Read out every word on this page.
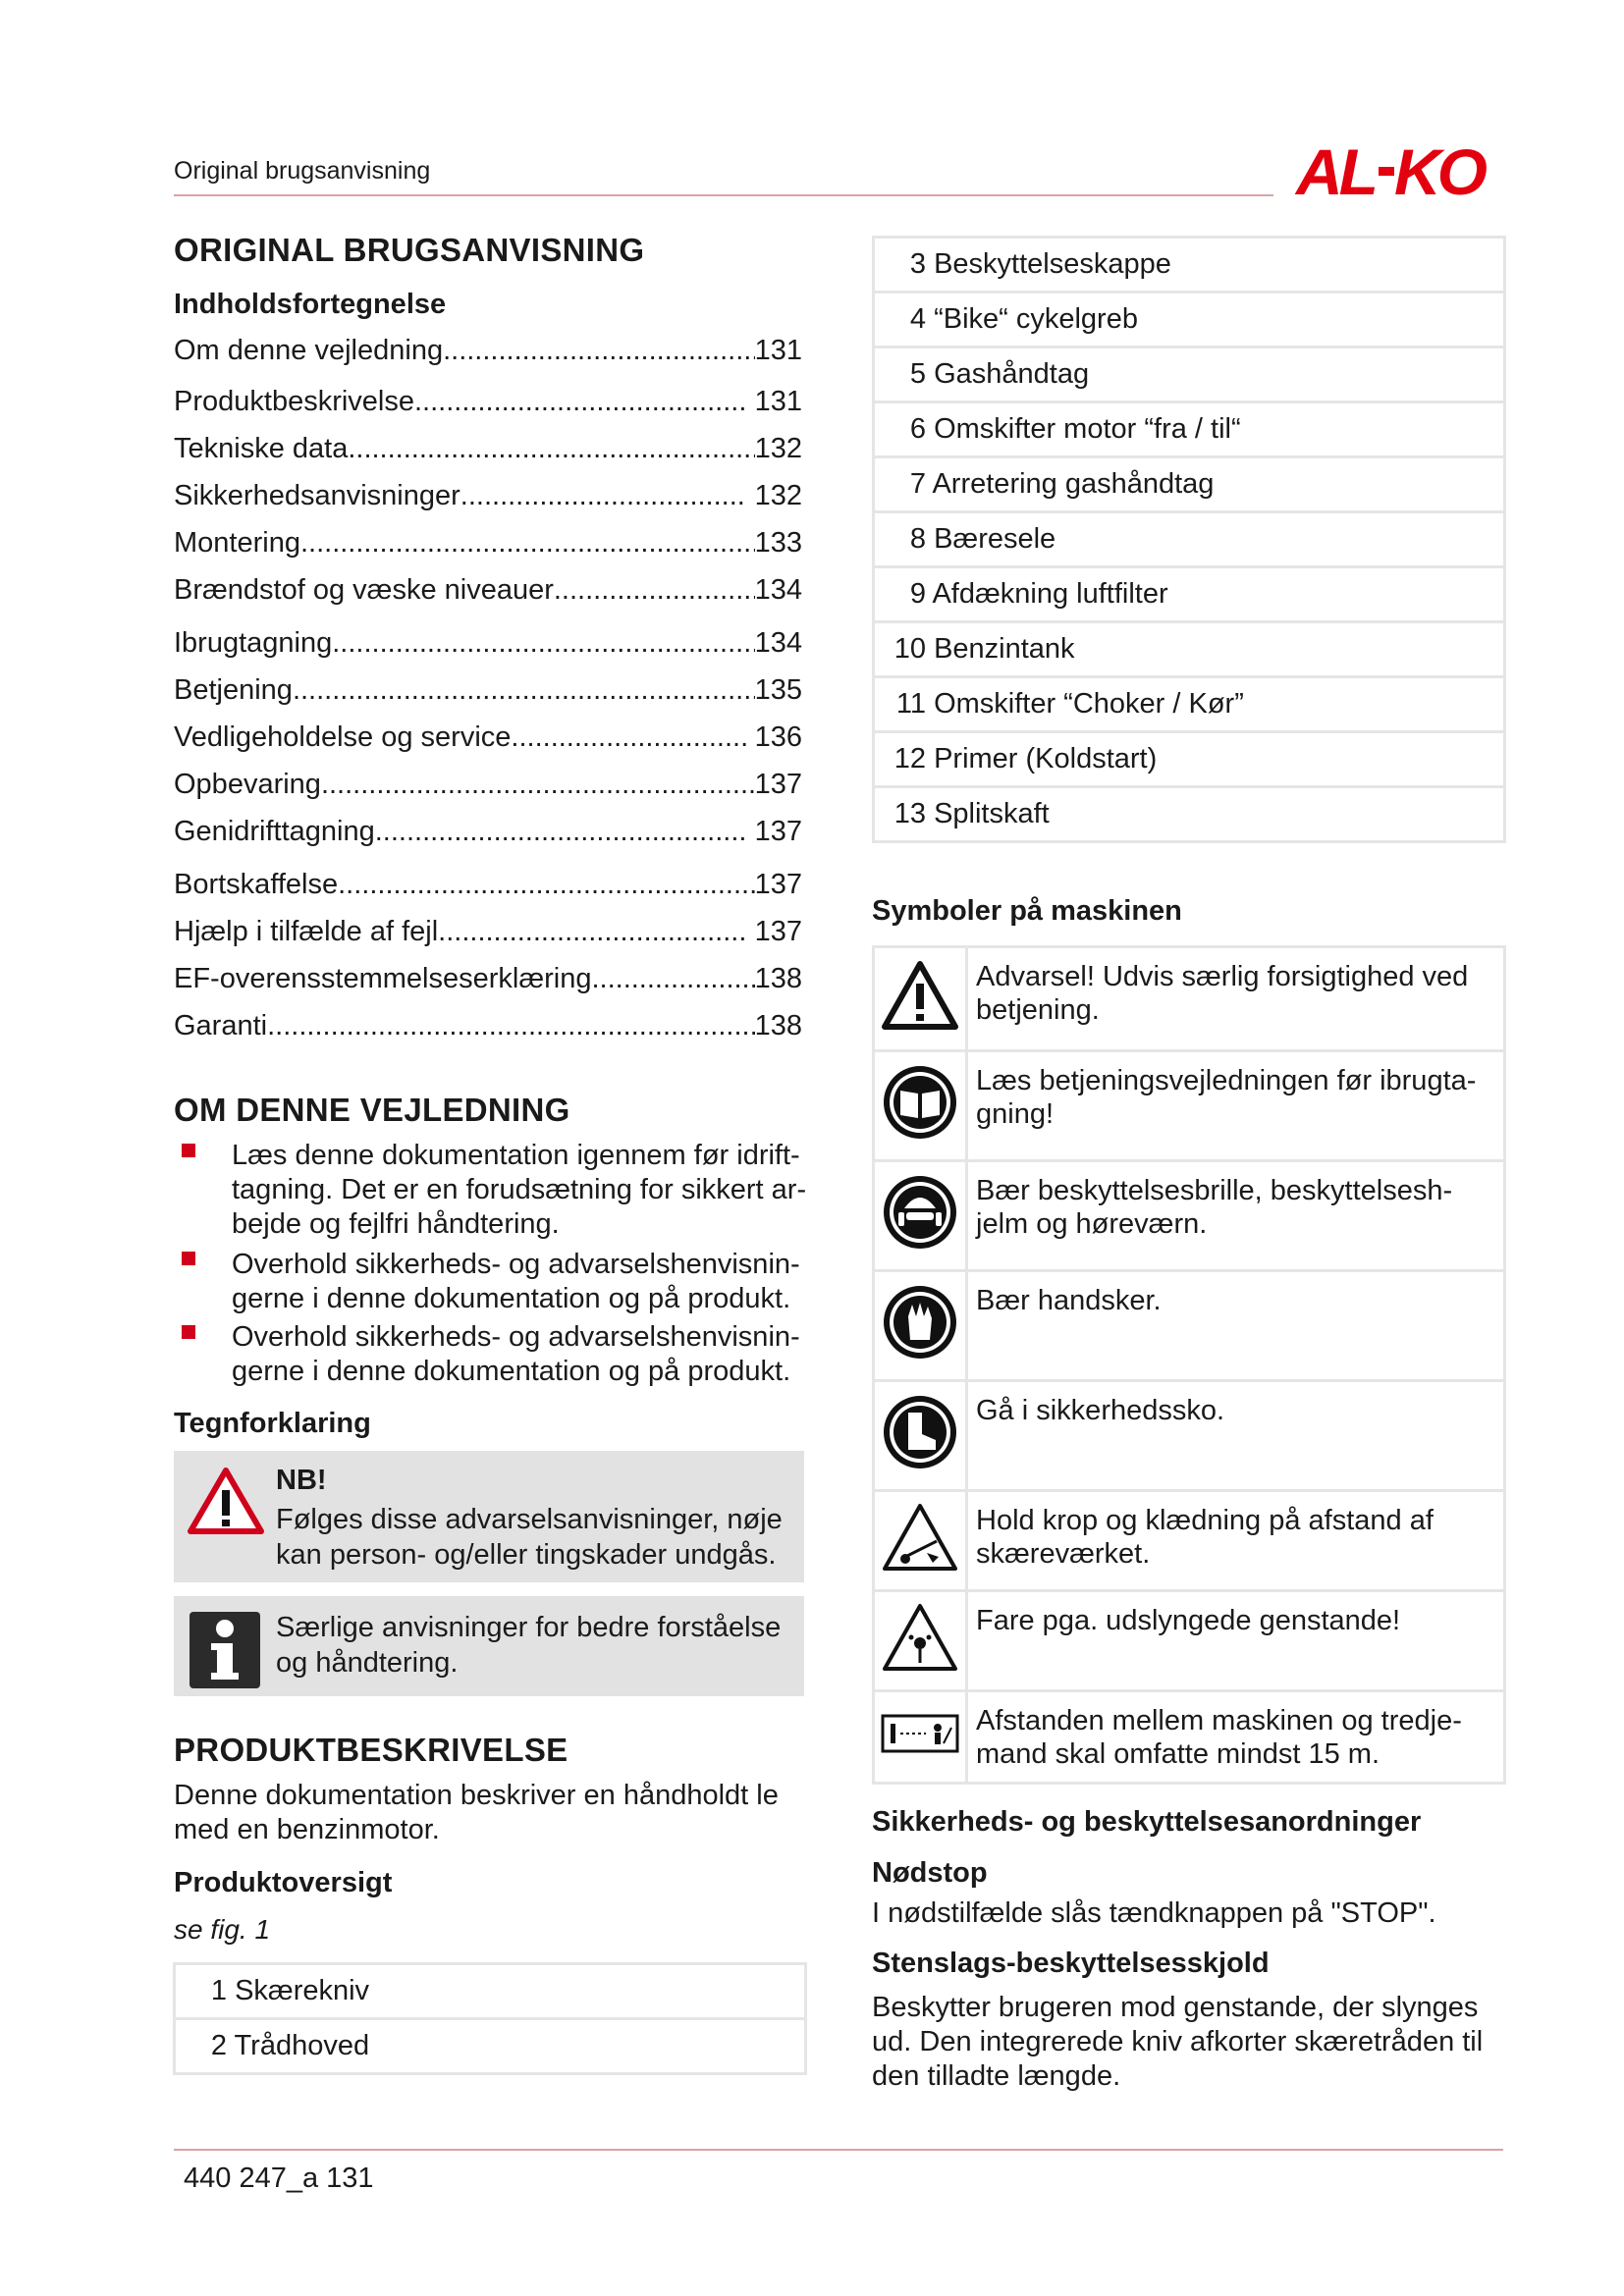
Original brugsanvisning	AL KO
ORIGINAL BRUGSANVISNING
Indholdsfortegnelse
Om denne vejledning .....	131
Produktbeskrivelse .....	131
Tekniske data .....	132
Sikkerhedsanvisninger .....	132
Montering .....	133
Brændstof og væske niveauer .....	134
Ibrugtagning .....	134
Betjening .....	135
Vedligeholdelse og service .....	136
Opbevaring .....	137
Genidrifttagning .....	137
Bortskaffelse .....	137
Hjælp i tilfælde af fejl .....	137
EF-overensstemmelseserklæring .....	138
Garanti .....	138
OM DENNE VEJLEDNING
Læs denne dokumentation igennem før idrift-
tagning. Det er en forudsætning for sikkert ar-
bejde og fejlfri håndtering.
Overhold sikkerheds- og advarselshenvisnin-
gerne i denne dokumentation og på produkt.
Overhold sikkerheds- og advarselshenvisnin-
gerne i denne dokumentation og på produkt.
Tegnforklaring
NB!
Følges disse advarselsanvisninger, nøje
kan person- og/eller tingskader undgås.
Særlige anvisninger for bedre forståelse
og håndtering.
PRODUKTBESKRIVELSE
Denne dokumentation beskriver en håndholdt le
med en benzinmotor.
Produktoversigt
se fig. 1
1 Skærekniv
2 Trådhoved
3 Beskyttelseskappe
4 “Bike“ cykelgreb
5 Gashåndtag
6 Omskifter motor “fra / til“
7 Arretering gashåndtag
8 Bæresele
9 Afdækning luftfilter
10 Benzintank
11 Omskifter “Choker / Kør”
12 Primer (Koldstart)
13 Splitskaft
Symboler på maskinen

Advarsel! Udvis særlig forsigtighed ved
betjening.

Læs betjeningsvejledningen før ibrugta-
gning!

Bær beskyttelsesbrille, beskyttelsesh-
jelm og høreværn.

Bær handsker.

Gå i sikkerhedssko.

Hold krop og klædning på afstand af
skæreværket.

Fare pga. udslyngede genstande!

Afstanden mellem maskinen og tredje-
mand skal omfatte mindst 15 m.
Sikkerheds- og beskyttelsesanordninger
Nødstop
I nødstilfælde slås tændknappen på "STOP".
Stenslags-beskyttelsesskjold
Beskytter brugeren mod genstande, der slynges
ud. Den integrerede kniv afkorter skæretråden til
den tilladte længde.
440 247_a 131
